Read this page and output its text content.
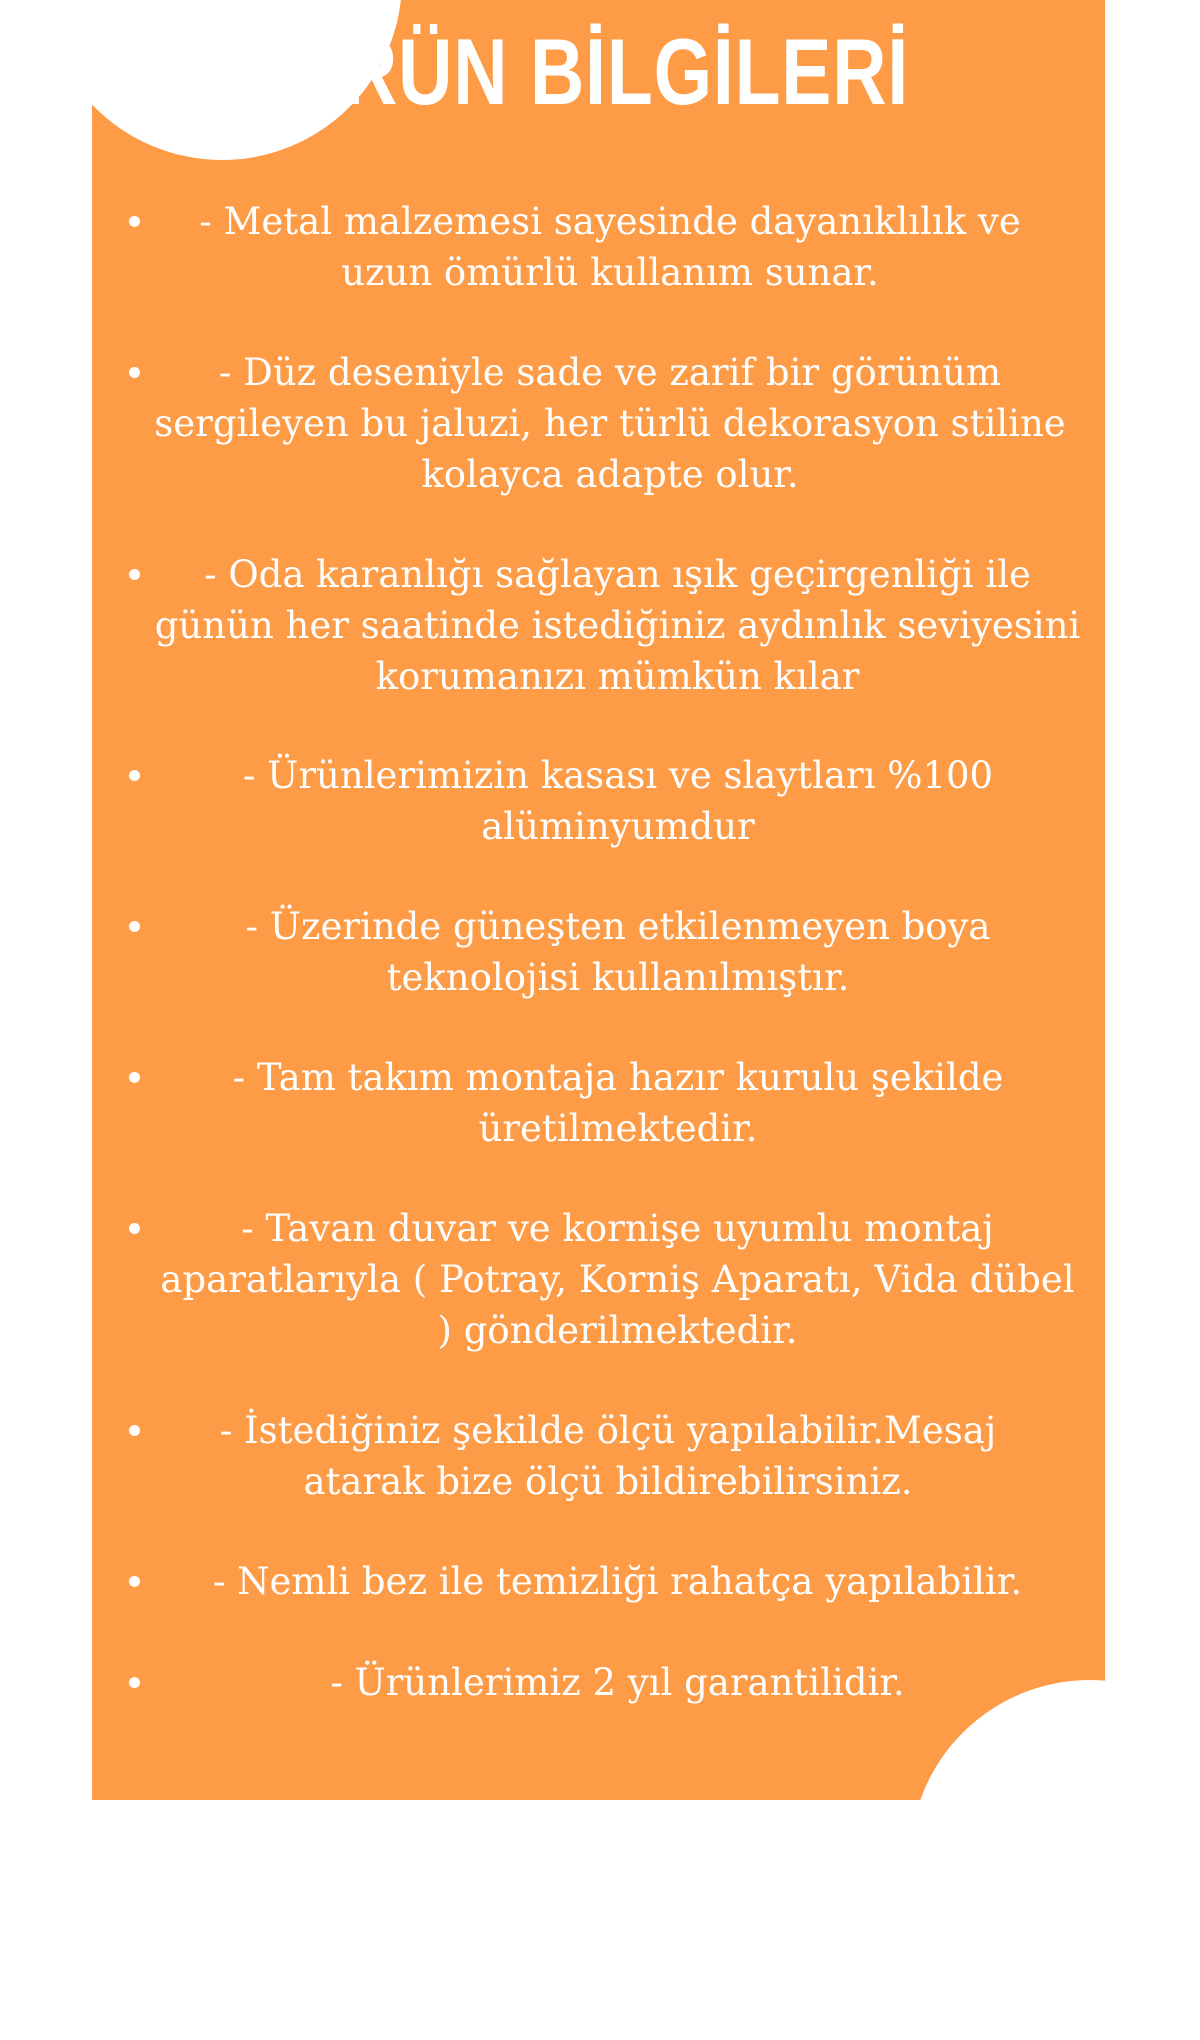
ÜRÜN BİLGİLERİ
- Metal malzemesi sayesinde dayanıklılık ve uzun ömürlü kullanım sunar.
- Düz deseniyle sade ve zarif bir görünüm sergileyen bu jaluzi, her türlü dekorasyon stiline kolayca adapte olur.
- Oda karanlığı sağlayan ışık geçirgenliği ile günün her saatinde istediğiniz aydınlık seviyesini korumanızı mümkün kılar
- Ürünlerimizin kasası ve slaytları %100 alüminyumdur
- Üzerinde güneşten etkilenmeyen boya teknolojisi kullanılmıştır.
- Tam takım montaja hazır kurulu şekilde üretilmektedir.
- Tavan duvar ve kornişe uyumlu montaj aparatlarıyla ( Potray, Korniş Aparatı, Vida dübel ) gönderilmektedir.
- İstediğiniz şekilde ölçü yapılabilir.Mesaj atarak bize ölçü bildirebilirsiniz.
- Nemli bez ile temizliği rahatça yapılabilir.
- Ürünlerimiz 2 yıl garantilidir.
